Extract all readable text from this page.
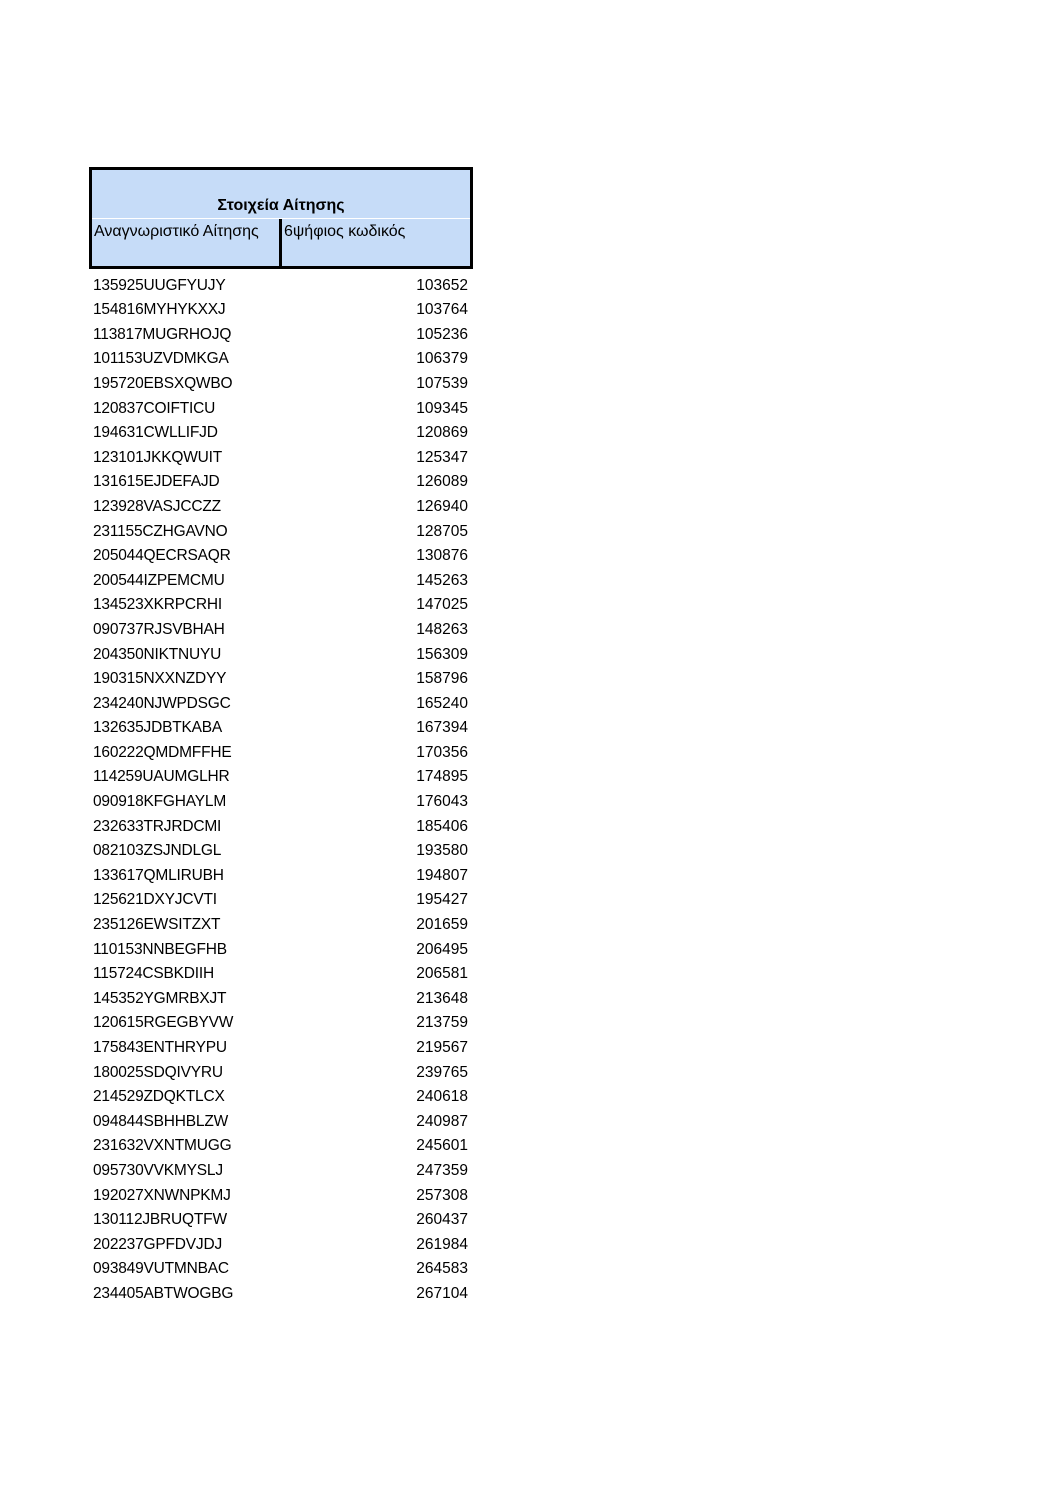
Στοιχεία Αίτησης
Αναγνωριστικό Αίτησης	6ψήφιος κωδικός
135925UUGFYUJY	103652
154816MYHYKXXJ	103764
113817MUGRHOJQ	105236
101153UZVDMKGA	106379
195720EBSXQWBO	107539
120837COIFTICU	109345
194631CWLLIFJD	120869
123101JKKQWUIT	125347
131615EJDEFAJD	126089
123928VASJCCZZ	126940
231155CZHGAVNO	128705
205044QECRSAQR	130876
200544IZPEMCMU	145263
134523XKRPCRHI	147025
090737RJSVBHAH	148263
204350NIKTNUYU	156309
190315NXXNZDYY	158796
234240NJWPDSGC	165240
132635JDBTKABA	167394
160222QMDMFFHE	170356
114259UAUMGLHR	174895
090918KFGHAYLM	176043
232633TRJRDCMI	185406
082103ZSJNDLGL	193580
133617QMLIRUBH	194807
125621DXYJCVTI	195427
235126EWSITZXT	201659
110153NNBEGFHB	206495
115724CSBKDIIH	206581
145352YGMRBXJT	213648
120615RGEGBYVW	213759
175843ENTHRYPU	219567
180025SDQIVYRU	239765
214529ZDQKTLCX	240618
094844SBHHBLZW	240987
231632VXNTMUGG	245601
095730VVKMYSLJ	247359
192027XNWNPKMJ	257308
130112JBRUQTFW	260437
202237GPFDVJDJ	261984
093849VUTMNBAC	264583
234405ABTWOGBG	267104
